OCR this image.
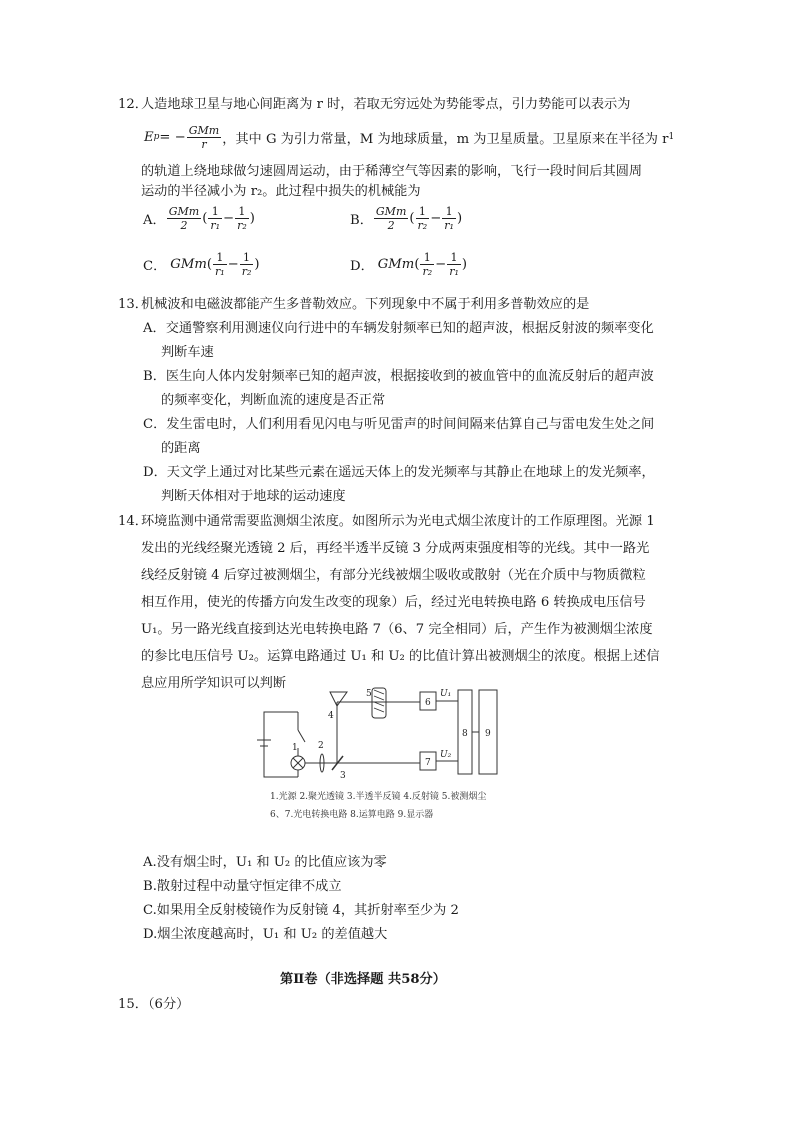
12．
人造地球卫星与地心间距离为 r 时，若取无穷远处为势能零点，引力势能可以表示为
E p = − $\frac{\text{GMm}}{r}$ ，其中 G 为引力常量，M 为地球质量，m 为卫星质量。卫星原来在半径为 r 1
的轨道上绕地球做匀速圆周运动，由于稀薄空气等因素的影响，飞行一段时间后其圆周
运动的半径减小为 r₂。此过程中损失的机械能为
A． $\frac{\text{GMm}}{2}$ ( $\frac{1}{\text{r₁}} - \frac{1}{\text{r₂}}$ )	B． $\frac{\text{GMm}}{2}$ ( $\frac{1}{\text{r₂}} - \frac{1}{\text{r₁}}$ )
C． GMm ( $\frac{1}{\text{r₁}} - \frac{1}{\text{r₂}}$ )	D． GMm ( $\frac{1}{\text{r₂}} - \frac{1}{\text{r₁}}$ )
13．
机械波和电磁波都能产生多普勒效应。下列现象中不属于利用多普勒效应的是
A．交通警察利用测速仪向行进中的车辆发射频率已知的超声波，根据反射波的频率变化
判断车速
B．医生向人体内发射频率已知的超声波，根据接收到的被血管中的血流反射后的超声波
的频率变化，判断血流的速度是否正常
C．发生雷电时，人们利用看见闪电与听见雷声的时间间隔来估算自己与雷电发生处之间
的距离
D．天文学上通过对比某些元素在遥远天体上的发光频率与其静止在地球上的发光频率，
判断天体相对于地球的运动速度
14．
环境监测中通常需要监测烟尘浓度。如图所示为光电式烟尘浓度计的工作原理图。光源 1
发出的光线经聚光透镜 2 后，再经半透半反镜 3 分成两束强度相等的光线。其中一路光
线经反射镜 4 后穿过被测烟尘，有部分光线被烟尘吸收或散射（光在介质中与物质微粒
相互作用，使光的传播方向发生改变的现象）后，经过光电转换电路 6 转换成电压信号
U₁。另一路光线直接到达光电转换电路 7（6、7 完全相同）后，产生作为被测烟尘浓度
的参比电压信号 U₂。运算电路通过 U₁ 和 U₂ 的比值计算出被测烟尘的浓度。根据上述信
息应用所学知识可以判断
1 2
3
4
5
6
7
8 9
U₁
U₂
1.光源 2.聚光透镜 3.半透半反镜 4.反射镜 5.被测烟尘
6、7.光电转换电路 8.运算电路 9.显示器
A.没有烟尘时，U₁ 和 U₂ 的比值应该为零
B.散射过程中动量守恒定律不成立
C.如果用全反射棱镜作为反射镜 4，其折射率至少为 2
D.烟尘浓度越高时，U₁ 和 U₂ 的差值越大
第Ⅱ卷（非选择题 共58分）
15．（6分）
